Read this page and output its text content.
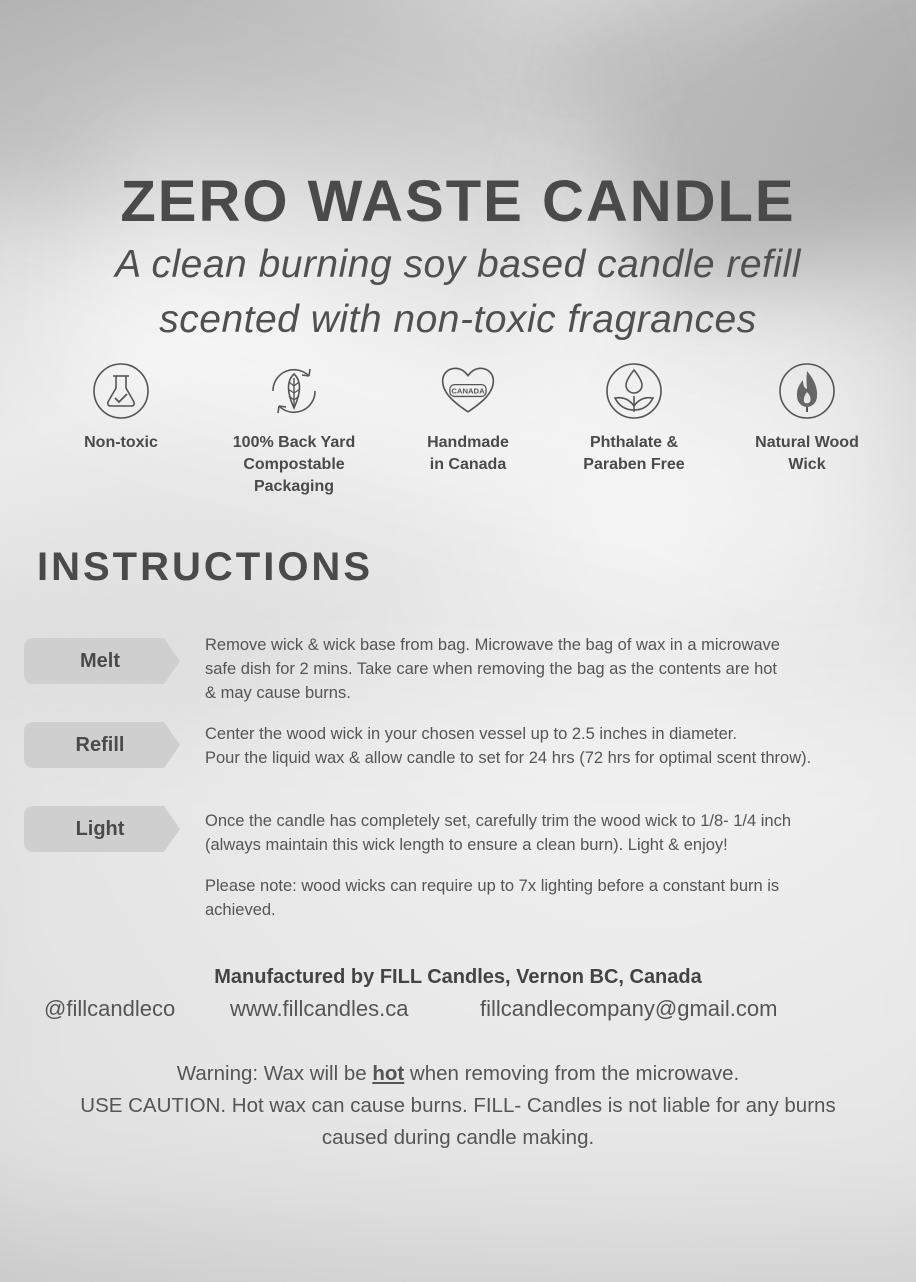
ZERO WASTE CANDLE
A clean burning soy based candle refill
scented with non-toxic fragrances
Non-toxic	100% Back Yard
Compostable
Packaging
CANADA
Handmade
in Canada
Phthalate &
Paraben Free
Natural Wood
Wick
INSTRUCTIONS
Melt
Remove wick & wick base from bag. Microwave the bag of wax in a microwave
safe dish for 2 mins. Take care when removing the bag as the contents are hot
& may cause burns.
Refill	Center the wood wick in your chosen vessel up to 2.5 inches in diameter.
Pour the liquid wax & allow candle to set for 24 hrs (72 hrs for optimal scent throw).
Light	Once the candle has completely set, carefully trim the wood wick to 1/8- 1/4 inch
(always maintain this wick length to ensure a clean burn). Light & enjoy!
Please note: wood wicks can require up to 7x lighting before a constant burn is
achieved.
Manufactured by FILL Candles, Vernon BC, Canada
@fillcandleco www.fillcandles.ca	fillcandlecompany@gmail.com
Warning: Wax will be hot when removing from the microwave.
USE CAUTION. Hot wax can cause burns. FILL- Candles is not liable for any burns
caused during candle making.
